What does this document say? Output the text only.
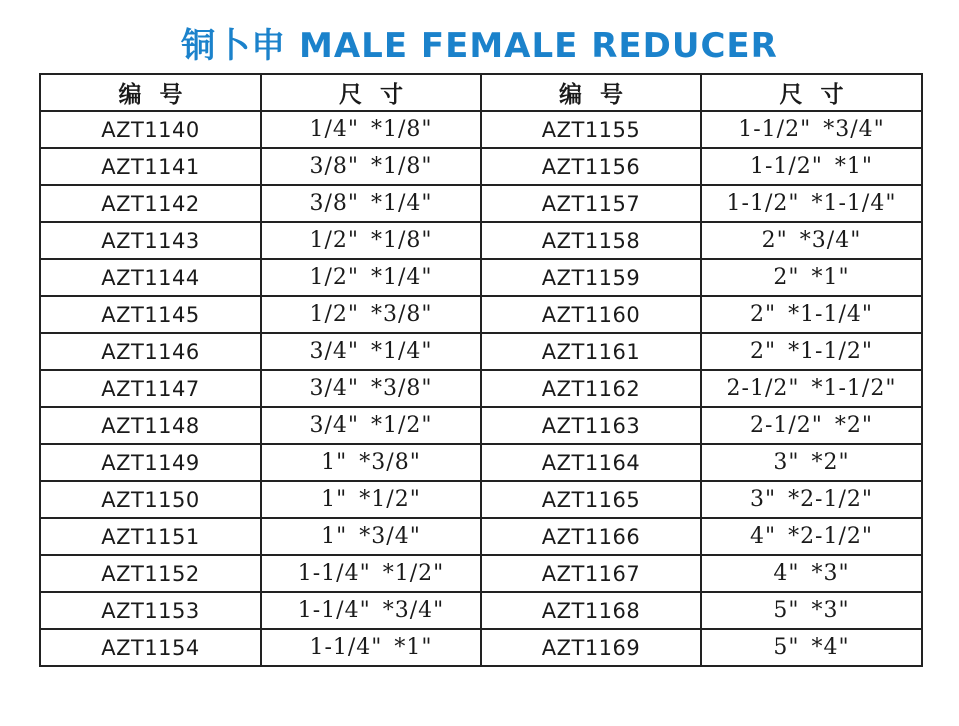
铜卜申 MALE FEMALE REDUCER
编号	尺寸	编号	尺寸
AZT1140	1/4" *1/8"	AZT1155	1-1/2" *3/4"
AZT1141	3/8" *1/8"	AZT1156	1-1/2" *1"
AZT1142	3/8" *1/4"	AZT1157	1-1/2" *1-1/4"
AZT1143	1/2" *1/8"	AZT1158	2" *3/4"
AZT1144	1/2" *1/4"	AZT1159	2" *1"
AZT1145	1/2" *3/8"	AZT1160	2" *1-1/4"
AZT1146	3/4" *1/4"	AZT1161	2" *1-1/2"
AZT1147	3/4" *3/8"	AZT1162	2-1/2" *1-1/2"
AZT1148	3/4" *1/2"	AZT1163	2-1/2" *2"
AZT1149	1" *3/8"	AZT1164	3" *2"
AZT1150	1" *1/2"	AZT1165	3" *2-1/2"
AZT1151	1" *3/4"	AZT1166	4" *2-1/2"
AZT1152	1-1/4" *1/2"	AZT1167	4" *3"
AZT1153	1-1/4" *3/4"	AZT1168	5" *3"
AZT1154	1-1/4" *1"	AZT1169	5" *4"
